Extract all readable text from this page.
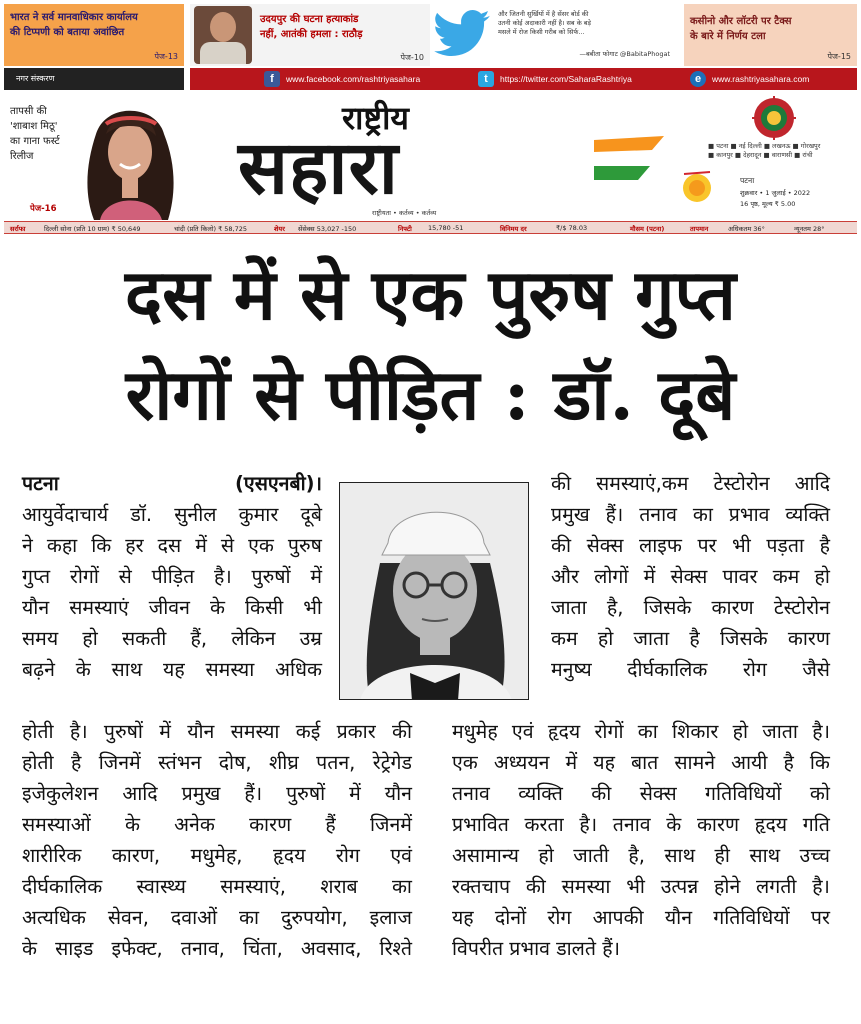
भारत ने सर्व मानवाधिकार कार्यालय
की टिप्पणी को बताया अवांछित
पेज-13
उदयपुर की घटना हत्याकांड
नहीं, आतंकी हमला : राठौड़
पेज-10
और जितनी सुर्खियों में है सेंसर बोर्ड की
उतनी कोई अदाकारी नहीं है। सब के बड़े
मसले में रोज किसी गरीब को सिर्फ...
—बबीता फोगाट @BabitaPhogat
कसीनो और लॉटरी पर टैक्स
के बारे में निर्णय टला
पेज-15
नगर संस्करण	f	www.facebook.com/rashtriyasahara	t	https://twitter.com/SaharaRashtriya	e	www.rashtriyasahara.com
तापसी की
'शाबाश मिठू'
का गाना फर्स्ट
रिलीज
पेज-16
राष्ट्रीय
सहारा
राष्ट्रीयता • कर्तव्य • कर्तव्य
■ पटना ■ नई दिल्ली ■ लखनऊ ■ गोरखपुर
■ कानपुर ■ देहरादून ■ वाराणसी ■ रांची
पटना
शुक्रवार • 1 जुलाई • 2022
16 पृष्ठ, मूल्य ₹ 5.00
सर्राफा	दिल्ली सोना (प्रति 10 ग्राम) ₹ 50,649	चांदी (प्रति किलो) ₹ 58,725	शेयर सेंसेक्स 53,027 -150	निफ्टी 15,780 -51	विनिमय दर	₹/$ 78.03	मौसम (पटना)	तापमान	अधिकतम 36°	न्यूनतम 28°
दस में से एक पुरुष गुप्त
रोगों से पीड़ित : डॉ. दूबे
पटना	(एसएनबी)।
आयुर्वेदाचार्य डॉ. सुनील कुमार दूबे
ने कहा कि हर दस में से एक पुरुष
गुप्त रोगों से पीड़ित है। पुरुषों में
यौन समस्याएं जीवन के किसी भी
समय हो सकती हैं, लेकिन उम्र
बढ़ने के साथ यह समस्या अधिक
होती है। पुरुषों में यौन समस्या कई प्रकार की
होती है जिनमें स्तंभन दोष, शीघ्र पतन, रेट्रेगेड
इजेकुलेशन आदि प्रमुख हैं। पुरुषों में यौन
समस्याओं के अनेक कारण हैं जिनमें
शारीरिक कारण, मधुमेह, हृदय रोग एवं
दीर्घकालिक स्वास्थ्य समस्याएं, शराब का
अत्यधिक सेवन, दवाओं का दुरुपयोग, इलाज
के साइड इफेक्ट, तनाव, चिंता, अवसाद, रिश्ते
की समस्याएं,कम टेस्टोरोन आदि
प्रमुख हैं। तनाव का प्रभाव व्यक्ति
की सेक्स लाइफ पर भी पड़ता है
और लोगों में सेक्स पावर कम हो
जाता है, जिसके कारण टेस्टोरोन
कम हो जाता है जिसके कारण
मनुष्य दीर्घकालिक रोग जैसे
मधुमेह एवं हृदय रोगों का शिकार हो जाता है।
एक अध्ययन में यह बात सामने आयी है कि
तनाव व्यक्ति की सेक्स गतिविधियों को
प्रभावित करता है। तनाव के कारण हृदय गति
असामान्य हो जाती है, साथ ही साथ उच्च
रक्तचाप की समस्या भी उत्पन्न होने लगती है।
यह दोनों रोग आपकी यौन गतिविधियों पर
विपरीत प्रभाव डालते हैं।
